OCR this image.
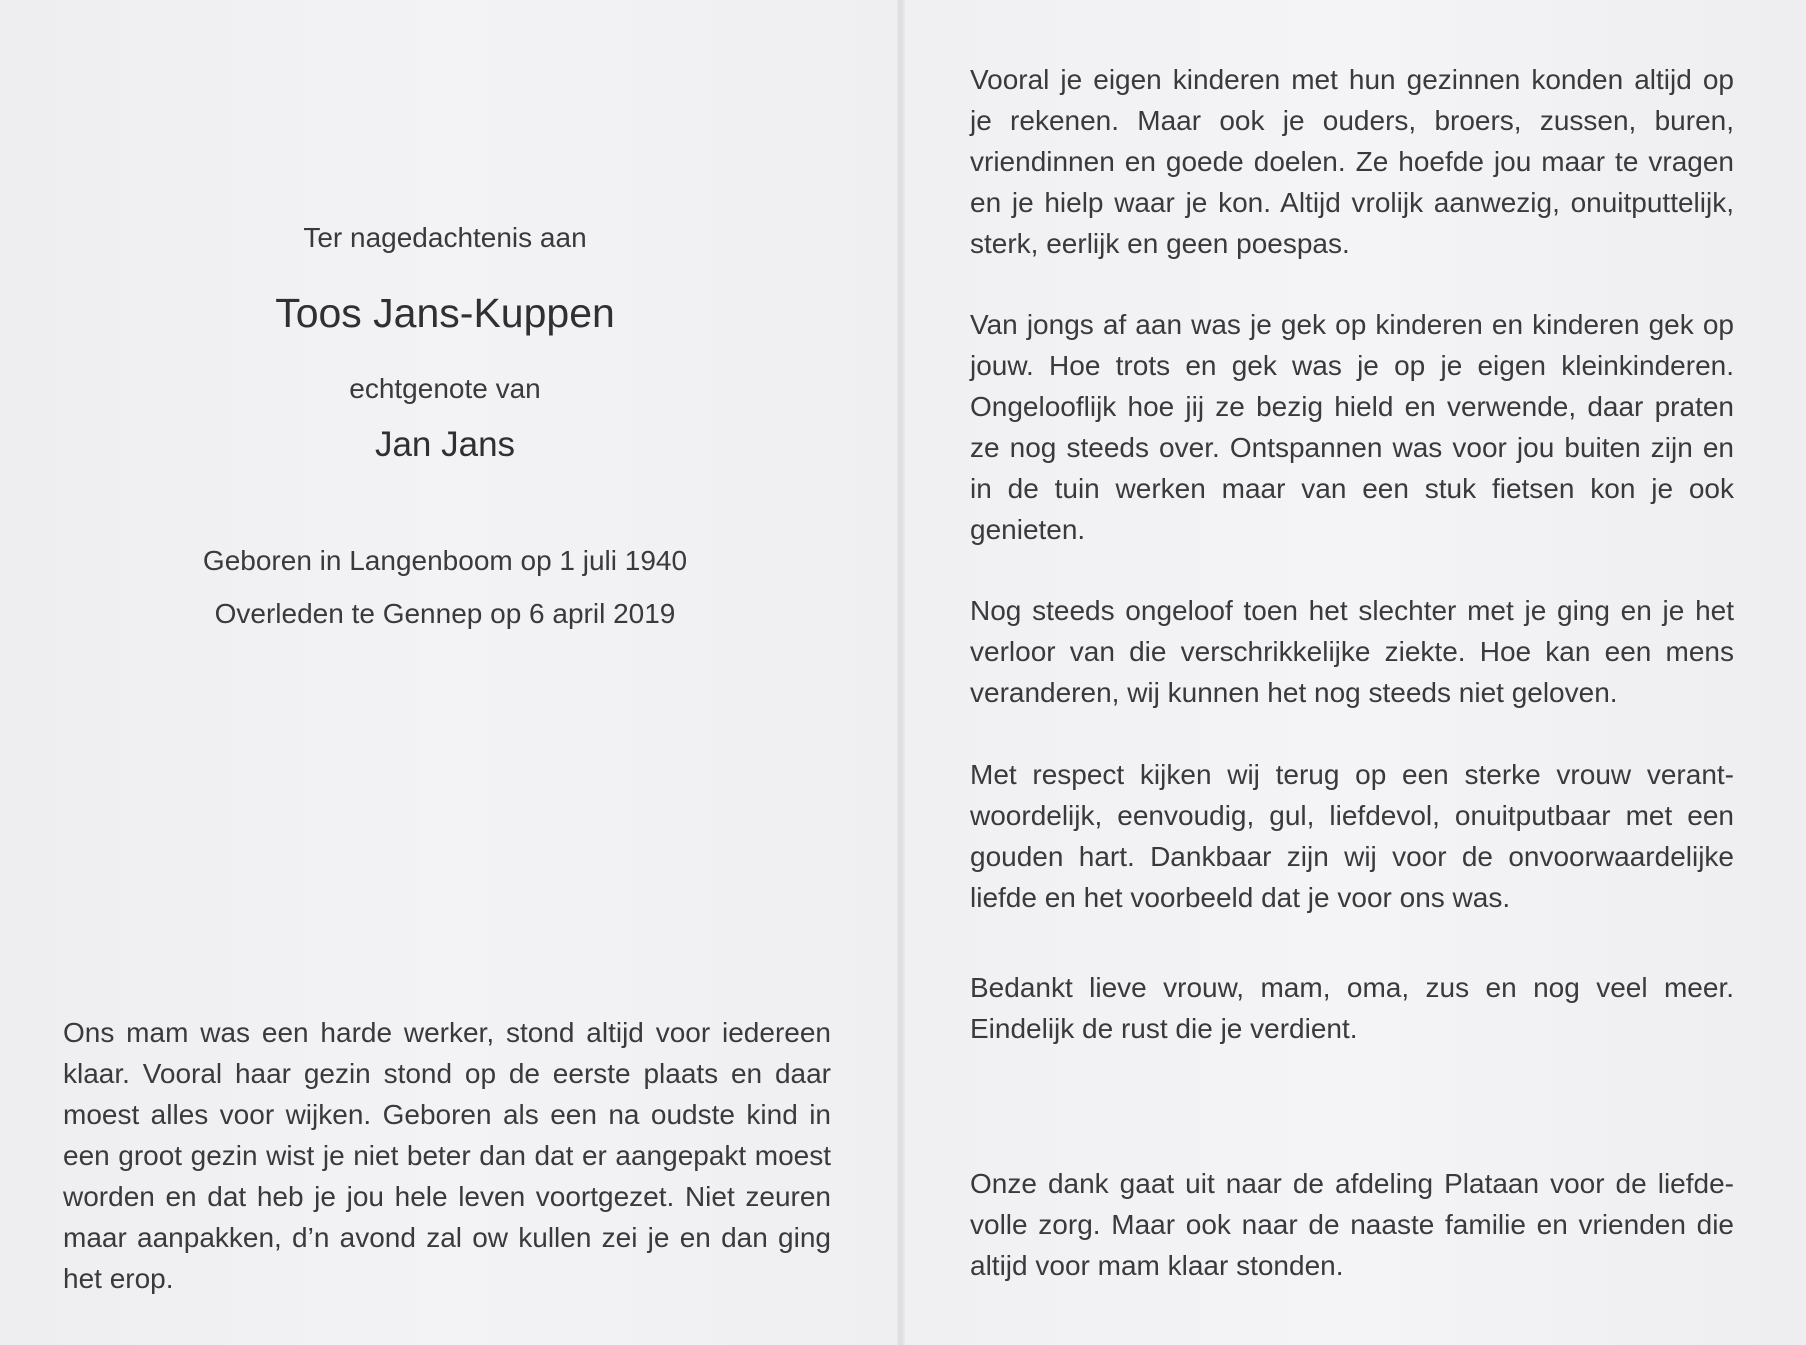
Ter nagedachtenis aan
Toos Jans-Kuppen
echtgenote van
Jan Jans
Geboren in Langenboom op 1 juli 1940
Overleden te Gennep op 6 april 2019

Ons mam was een harde werker, stond altijd voor iedereen klaar. Vooral haar gezin stond op de eerste plaats en daar moest alles voor wijken. Geboren als een na oudste kind in een groot gezin wist je niet beter dan dat er aangepakt moest worden en dat heb je jou hele leven voortgezet. Niet zeuren maar aanpakken, d’n avond zal ow kullen zei je en dan ging het erop.

Vooral je eigen kinderen met hun gezinnen konden altijd op je rekenen. Maar ook je ouders, broers, zussen, buren, vriendinnen en goede doelen. Ze hoefde jou maar te vragen en je hielp waar je kon. Altijd vrolijk aanwezig, onuitputtelijk, sterk, eerlijk en geen poespas.

Van jongs af aan was je gek op kinderen en kinderen gek op jouw. Hoe trots en gek was je op je eigen kleinkinderen. Ongelooflijk hoe jij ze bezig hield en verwende, daar praten ze nog steeds over. Ontspannen was voor jou buiten zijn en in de tuin werken maar van een stuk fietsen kon je ook genieten.

Nog steeds ongeloof toen het slechter met je ging en je het verloor van die verschrikkelijke ziekte. Hoe kan een mens veranderen, wij kunnen het nog steeds niet geloven.

Met respect kijken wij terug op een sterke vrouw verantwoordelijk, eenvoudig, gul, liefdevol, onuitputbaar met een gouden hart. Dankbaar zijn wij voor de onvoorwaardelijke liefde en het voorbeeld dat je voor ons was.

Bedankt lieve vrouw, mam, oma, zus en nog veel meer. Eindelijk de rust die je verdient.

Onze dank gaat uit naar de afdeling Plataan voor de liefdevolle zorg. Maar ook naar de naaste familie en vrienden die altijd voor mam klaar stonden.
